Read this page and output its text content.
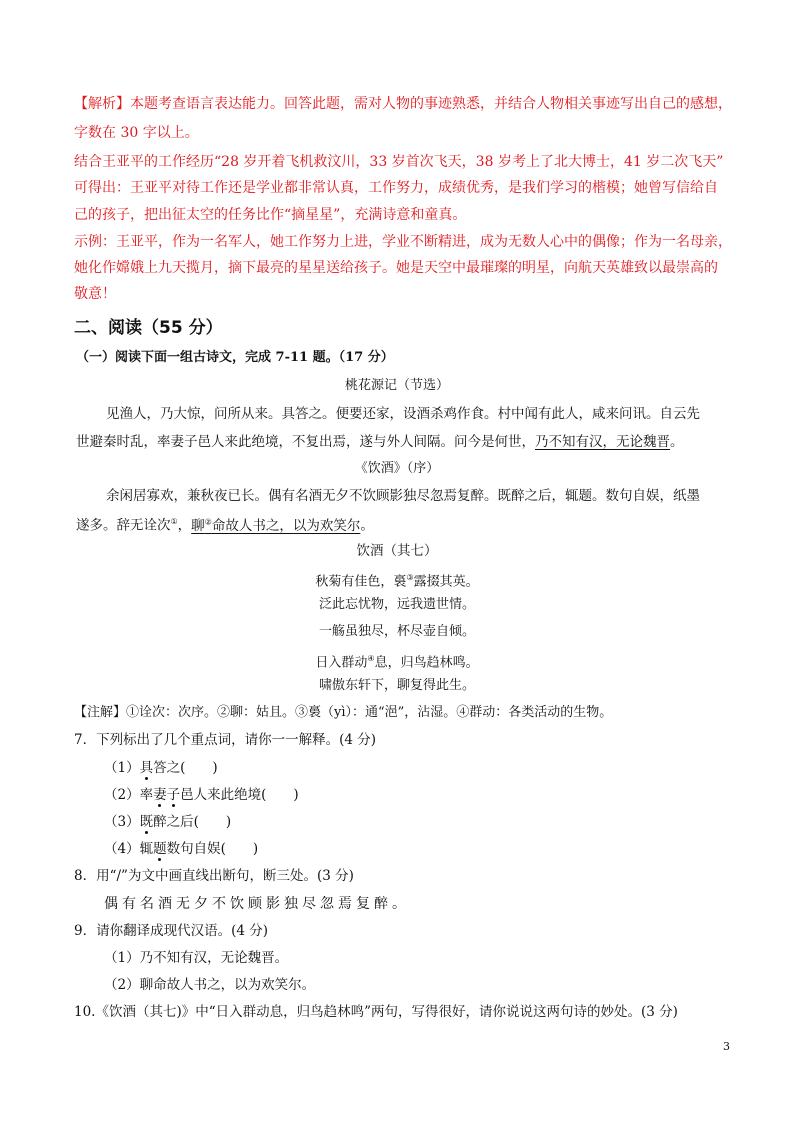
【解析】本题考查语言表达能力。回答此题，需对人物的事迹熟悉，并结合人物相关事迹写出自己的感想，
字数在 30 字以上。
结合王亚平的工作经历“28 岁开着飞机救汶川，33 岁首次飞天，38 岁考上了北大博士，41 岁二次飞天”
可得出：王亚平对待工作还是学业都非常认真，工作努力，成绩优秀，是我们学习的楷模；她曾写信给自
己的孩子，把出征太空的任务比作“摘星星”，充满诗意和童真。
示例：王亚平，作为一名军人，她工作努力上进，学业不断精进，成为无数人心中的偶像；作为一名母亲，
她化作嫦娥上九天揽月，摘下最亮的星星送给孩子。她是天空中最璀璨的明星，向航天英雄致以最崇高的
敬意！
二、阅读（55 分）
（一）阅读下面一组古诗文，完成 7-11 题。（17 分）
桃花源记（节选）
见渔人，乃大惊，问所从来。具答之。便要还家，设酒杀鸡作食。村中闻有此人，咸来问讯。自云先
世避秦时乱，率妻子邑人来此绝境，不复出焉，遂与外人间隔。问今是何世，乃不知有汉，无论魏晋。
《饮酒》（序）
余闲居寡欢，兼秋夜已长。偶有名酒无夕不饮顾影独尽忽焉复醉。既醉之后，辄题。数句自娱，纸墨
遂多。辞无诠次①，聊②命故人书之，以为欢笑尔。
饮酒（其七）
秋菊有佳色，裛③露掇其英。
泛此忘忧物，远我遗世情。
一觞虽独尽，杯尽壶自倾。
日入群动④息，归鸟趋林鸣。
啸傲东轩下，聊复得此生。
【注解】①诠次：次序。②聊：姑且。③裛（yì）：通“浥”，沾湿。④群动：各类活动的生物。
7．下列标出了几个重点词，请你一一解释。(4 分)
（1）具答之(　　)
（2）率妻子邑人来此绝境(　　)
（3）既醉之后(　　)
（4）辄题数句自娱(　　)
8．用“/”为文中画直线出断句，断三处。(3 分)
偶有名酒无夕不饮顾影独尽忽焉复醉。
9．请你翻译成现代汉语。(4 分)
（1）乃不知有汉，无论魏晋。
（2）聊命故人书之，以为欢笑尔。
10.《饮酒（其七)》中“日入群动息，归鸟趋林鸣”两句，写得很好，请你说说这两句诗的妙处。(3 分)
3
